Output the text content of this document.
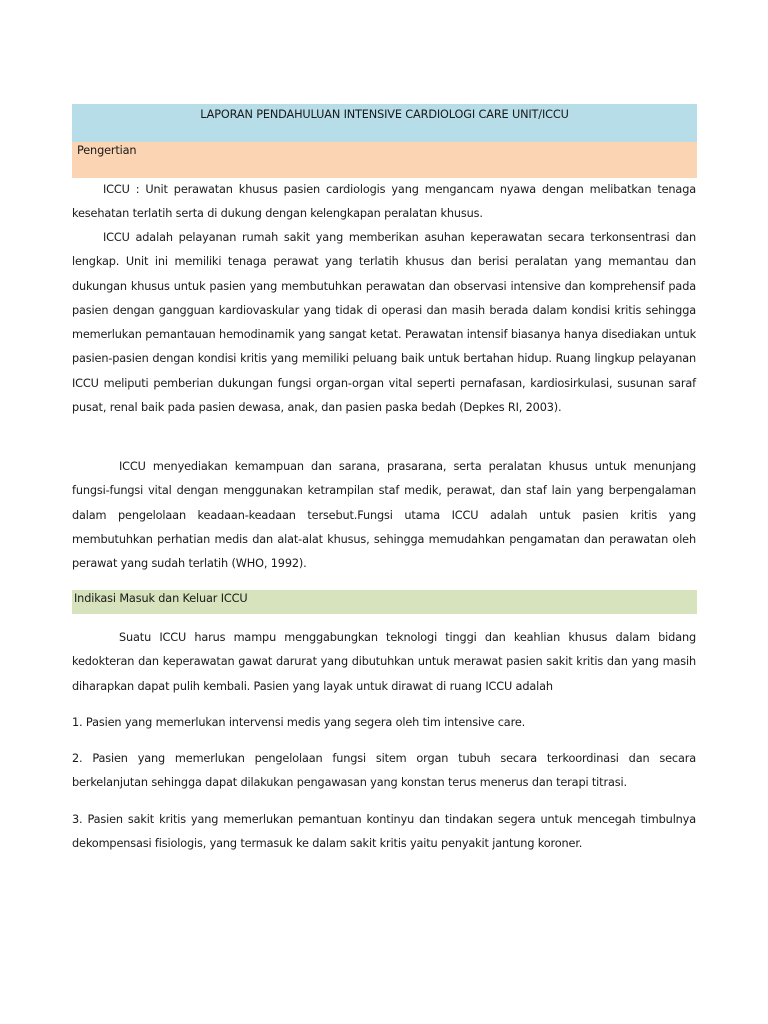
LAPORAN PENDAHULUAN INTENSIVE CARDIOLOGI CARE UNIT/ICCU
Pengertian

ICCU : Unit perawatan khusus pasien cardiologis yang mengancam nyawa dengan melibatkan tenaga kesehatan terlatih serta di dukung dengan kelengkapan peralatan khusus.

ICCU adalah pelayanan rumah sakit yang memberikan asuhan keperawatan secara terkonsentrasi dan lengkap. Unit ini memiliki tenaga perawat yang terlatih khusus dan berisi peralatan yang memantau dan dukungan khusus untuk pasien yang membutuhkan perawatan dan observasi intensive dan komprehensif pada pasien dengan gangguan kardiovaskular yang tidak di operasi dan masih berada dalam kondisi kritis sehingga memerlukan pemantauan hemodinamik yang sangat ketat. Perawatan intensif biasanya hanya disediakan untuk pasien-pasien dengan kondisi kritis yang memiliki peluang baik untuk bertahan hidup. Ruang lingkup pelayanan ICCU meliputi pemberian dukungan fungsi organ-organ vital seperti pernafasan, kardiosirkulasi, susunan saraf pusat, renal baik pada pasien dewasa, anak, dan pasien paska bedah (Depkes RI, 2003).

ICCU menyediakan kemampuan dan sarana, prasarana, serta peralatan khusus untuk menunjang fungsi-fungsi vital dengan menggunakan ketrampilan staf medik, perawat, dan staf lain yang berpengalaman dalam pengelolaan keadaan-keadaan tersebut.Fungsi utama ICCU adalah untuk pasien kritis yang membutuhkan perhatian medis dan alat-alat khusus, sehingga memudahkan pengamatan dan perawatan oleh perawat yang sudah terlatih (WHO, 1992).

Indikasi Masuk dan Keluar ICCU

Suatu ICCU harus mampu menggabungkan teknologi tinggi dan keahlian khusus dalam bidang kedokteran dan keperawatan gawat darurat yang dibutuhkan untuk merawat pasien sakit kritis dan yang masih diharapkan dapat pulih kembali. Pasien yang layak untuk dirawat di ruang ICCU adalah

1. Pasien yang memerlukan intervensi medis yang segera oleh tim intensive care.

2. Pasien yang memerlukan pengelolaan fungsi sitem organ tubuh secara terkoordinasi dan secara berkelanjutan sehingga dapat dilakukan pengawasan yang konstan terus menerus dan terapi titrasi.

3. Pasien sakit kritis yang memerlukan pemantuan kontinyu dan tindakan segera untuk mencegah timbulnya dekompensasi fisiologis, yang termasuk ke dalam sakit kritis yaitu penyakit jantung koroner.
